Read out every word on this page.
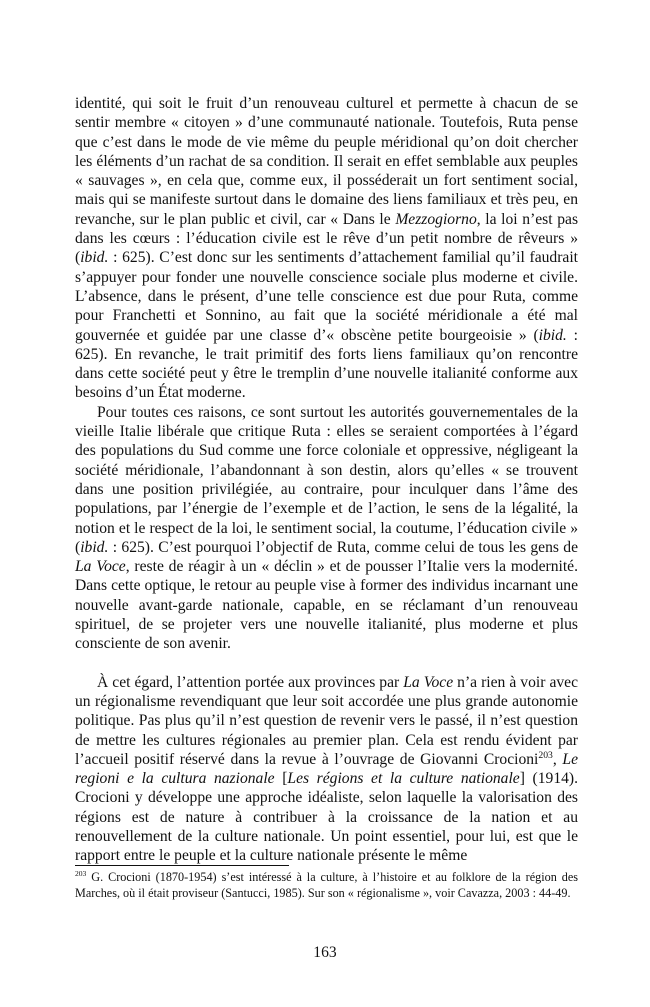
identité, qui soit le fruit d’un renouveau culturel et permette à chacun de se sentir membre « citoyen » d’une communauté nationale. Toutefois, Ruta pense que c’est dans le mode de vie même du peuple méridional qu’on doit chercher les éléments d’un rachat de sa condition. Il serait en effet semblable aux peuples « sauvages », en cela que, comme eux, il posséderait un fort sentiment social, mais qui se manifeste surtout dans le domaine des liens familiaux et très peu, en revanche, sur le plan public et civil, car « Dans le Mezzogiorno, la loi n’est pas dans les cœurs : l’éducation civile est le rêve d’un petit nombre de rêveurs » (ibid. : 625). C’est donc sur les sentiments d’attachement familial qu’il faudrait s’appuyer pour fonder une nouvelle conscience sociale plus moderne et civile. L’absence, dans le présent, d’une telle conscience est due pour Ruta, comme pour Franchetti et Sonnino, au fait que la société méridionale a été mal gouvernée et guidée par une classe d’« obscène petite bourgeoisie » (ibid. : 625). En revanche, le trait primitif des forts liens familiaux qu’on rencontre dans cette société peut y être le tremplin d’une nouvelle italianité conforme aux besoins d’un État moderne.

Pour toutes ces raisons, ce sont surtout les autorités gouvernementales de la vieille Italie libérale que critique Ruta : elles se seraient comportées à l’égard des populations du Sud comme une force coloniale et oppressive, négligeant la société méridionale, l’abandonnant à son destin, alors qu’elles « se trouvent dans une position privilégiée, au contraire, pour inculquer dans l’âme des populations, par l’énergie de l’exemple et de l’action, le sens de la légalité, la notion et le respect de la loi, le sentiment social, la coutume, l’éducation civile » (ibid. : 625). C’est pourquoi l’objectif de Ruta, comme celui de tous les gens de La Voce, reste de réagir à un « déclin » et de pousser l’Italie vers la modernité. Dans cette optique, le retour au peuple vise à former des individus incarnant une nouvelle avant-garde nationale, capable, en se réclamant d’un renouveau spirituel, de se projeter vers une nouvelle italianité, plus moderne et plus consciente de son avenir.

À cet égard, l’attention portée aux provinces par La Voce n’a rien à voir avec un régionalisme revendiquant que leur soit accordée une plus grande autonomie politique. Pas plus qu’il n’est question de revenir vers le passé, il n’est question de mettre les cultures régionales au premier plan. Cela est rendu évident par l’accueil positif réservé dans la revue à l’ouvrage de Giovanni Crocioni$^{203}$, Le regioni e la cultura nazionale [Les régions et la culture nationale] (1914). Crocioni y développe une approche idéaliste, selon laquelle la valorisation des régions est de nature à contribuer à la croissance de la nation et au renouvellement de la culture nationale. Un point essentiel, pour lui, est que le rapport entre le peuple et la culture nationale présente le même

$^{203}$ G. Crocioni (1870-1954) s’est intéressé à la culture, à l’histoire et au folklore de la région des Marches, où il était proviseur (Santucci, 1985). Sur son « régionalisme », voir Cavazza, 2003 : 44-49.
163
